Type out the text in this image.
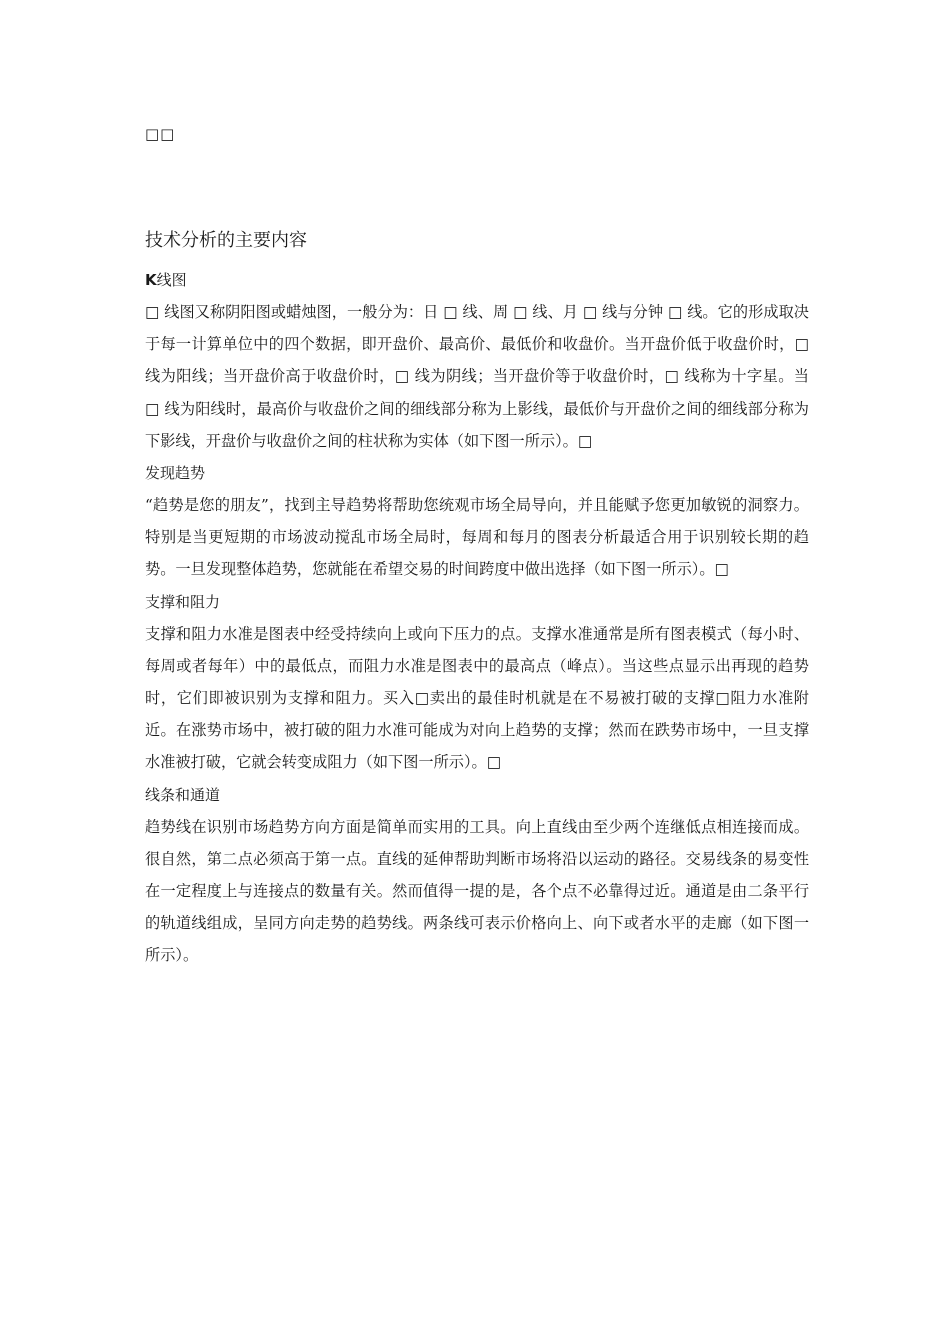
□□
技术分析的主要内容
K线图

□ 线图又称阴阳图或蜡烛图，一般分为：日 □ 线、周 □ 线、月 □ 线与分钟 □ 线。它的形成取决于每一计算单位中的四个数据，即开盘价、最高价、最低价和收盘价。当开盘价低于收盘价时，□ 线为阳线；当开盘价高于收盘价时，□ 线为阴线；当开盘价等于收盘价时，□ 线称为十字星。当 □ 线为阳线时，最高价与收盘价之间的细线部分称为上影线，最低价与开盘价之间的细线部分称为下影线，开盘价与收盘价之间的柱状称为实体（如下图一所示）。□

发现趋势

“趋势是您的朋友”，找到主导趋势将帮助您统观市场全局导向，并且能赋予您更加敏锐的洞察力。特别是当更短期的市场波动搅乱市场全局时，每周和每月的图表分析最适合用于识别较长期的趋势。一旦发现整体趋势，您就能在希望交易的时间跨度中做出选择（如下图一所示）。□

支撑和阻力

支撑和阻力水准是图表中经受持续向上或向下压力的点。支撑水准通常是所有图表模式（每小时、每周或者每年）中的最低点，而阻力水准是图表中的最高点（峰点）。当这些点显示出再现的趋势时，它们即被识别为支撑和阻力。买入□卖出的最佳时机就是在不易被打破的支撑□阻力水准附近。在涨势市场中，被打破的阻力水准可能成为对向上趋势的支撑；然而在跌势市场中，一旦支撑水准被打破，它就会转变成阻力（如下图一所示）。□

线条和通道

趋势线在识别市场趋势方向方面是简单而实用的工具。向上直线由至少两个连继低点相连接而成。很自然，第二点必须高于第一点。直线的延伸帮助判断市场将沿以运动的路径。交易线条的易变性在一定程度上与连接点的数量有关。然而值得一提的是，各个点不必靠得过近。通道是由二条平行的轨道线组成，呈同方向走势的趋势线。两条线可表示价格向上、向下或者水平的走廊（如下图一所示）。
